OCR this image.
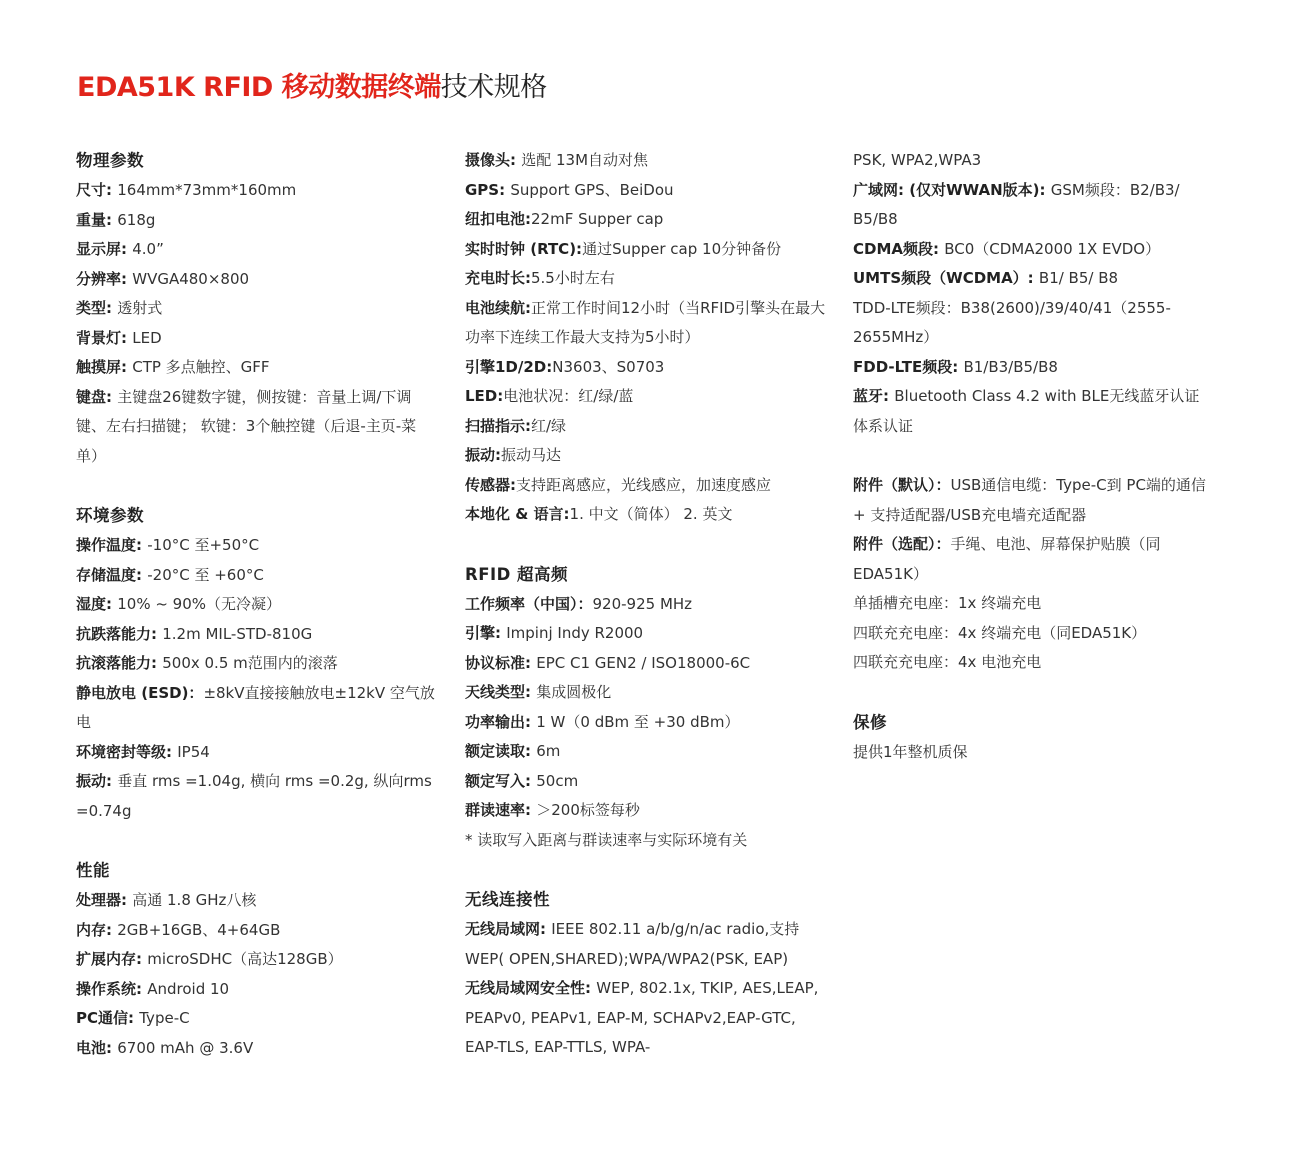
EDA51K RFID 移动数据终端技术规格
物理参数

尺寸: 164mm*73mm*160mm

重量: 618g

显示屏: 4.0”

分辨率: WVGA480×800

类型: 透射式

背景灯: LED

触摸屏: CTP 多点触控、GFF

键盘: 主键盘26键数字键，侧按键：音量上调/下调键、左右扫描键； 软键：3个触控键（后退-主页-菜单）

环境参数

操作温度: -10°C 至+50°C

存储温度: -20°C 至 +60°C

湿度: 10% ~ 90%（无冷凝）

抗跌落能力: 1.2m MIL-STD-810G

抗滚落能力: 500x 0.5 m范围内的滚落

静电放电 (ESD)：±8kV直接接触放电±12kV 空气放电

环境密封等级: IP54

振动: 垂直 rms =1.04g, 横向 rms =0.2g, 纵向rms =0.74g

性能

处理器: 高通 1.8 GHz八核

内存: 2GB+16GB、4+64GB

扩展内存: microSDHC（高达128GB）

操作系统: Android 10

PC通信: Type-C

电池: 6700 mAh @ 3.6V

摄像头: 选配 13M自动对焦

GPS: Support GPS、BeiDou

纽扣电池:22mF Supper cap

实时时钟 (RTC):通过Supper cap 10分钟备份

充电时长:5.5小时左右

电池续航:正常工作时间12小时（当RFID引擎头在最大功率下连续工作最大支持为5小时）

引擎1D/2D:N3603、S0703

LED:电池状况：红/绿/蓝

扫描指示:红/绿

振动:振动马达

传感器:支持距离感应，光线感应，加速度感应

本地化 & 语言:1. 中文（简体） 2. 英文

RFID 超高频

工作频率（中国）：920-925 MHz

引擎: Impinj Indy R2000

协议标准: EPC C1 GEN2 / ISO18000-6C

天线类型: 集成圆极化

功率输出: 1 W（0 dBm 至 +30 dBm）

额定读取: 6m

额定写入: 50cm

群读速率: ＞200标签每秒

* 读取写入距离与群读速率与实际环境有关

无线连接性

无线局域网: IEEE 802.11 a/b/g/n/ac radio,支持WEP( OPEN,SHARED);WPA/WPA2(PSK, EAP)

无线局域网安全性: WEP, 802.1x, TKIP, AES,LEAP, PEAPv0, PEAPv1, EAP-M, SCHAPv2,EAP-GTC, EAP-TLS, EAP-TTLS, WPA-

PSK, WPA2,WPA3

广域网: (仅对WWAN版本): GSM频段：B2/B3/ B5/B8

CDMA频段: BC0（CDMA2000 1X EVDO）

UMTS频段（WCDMA）: B1/ B5/ B8

TDD-LTE频段：B38(2600)/39/40/41（2555-2655MHz）

FDD-LTE频段: B1/B3/B5/B8

蓝牙: Bluetooth Class 4.2 with BLE无线蓝牙认证体系认证

附件（默认）：USB通信电缆：Type-C到 PC端的通信 + 支持适配器/USB充电墙充适配器

附件（选配）：手绳、电池、屏幕保护贴膜（同EDA51K）

单插槽充电座：1x 终端充电

四联充充电座：4x 终端充电（同EDA51K）

四联充充电座：4x 电池充电

保修

提供1年整机质保
